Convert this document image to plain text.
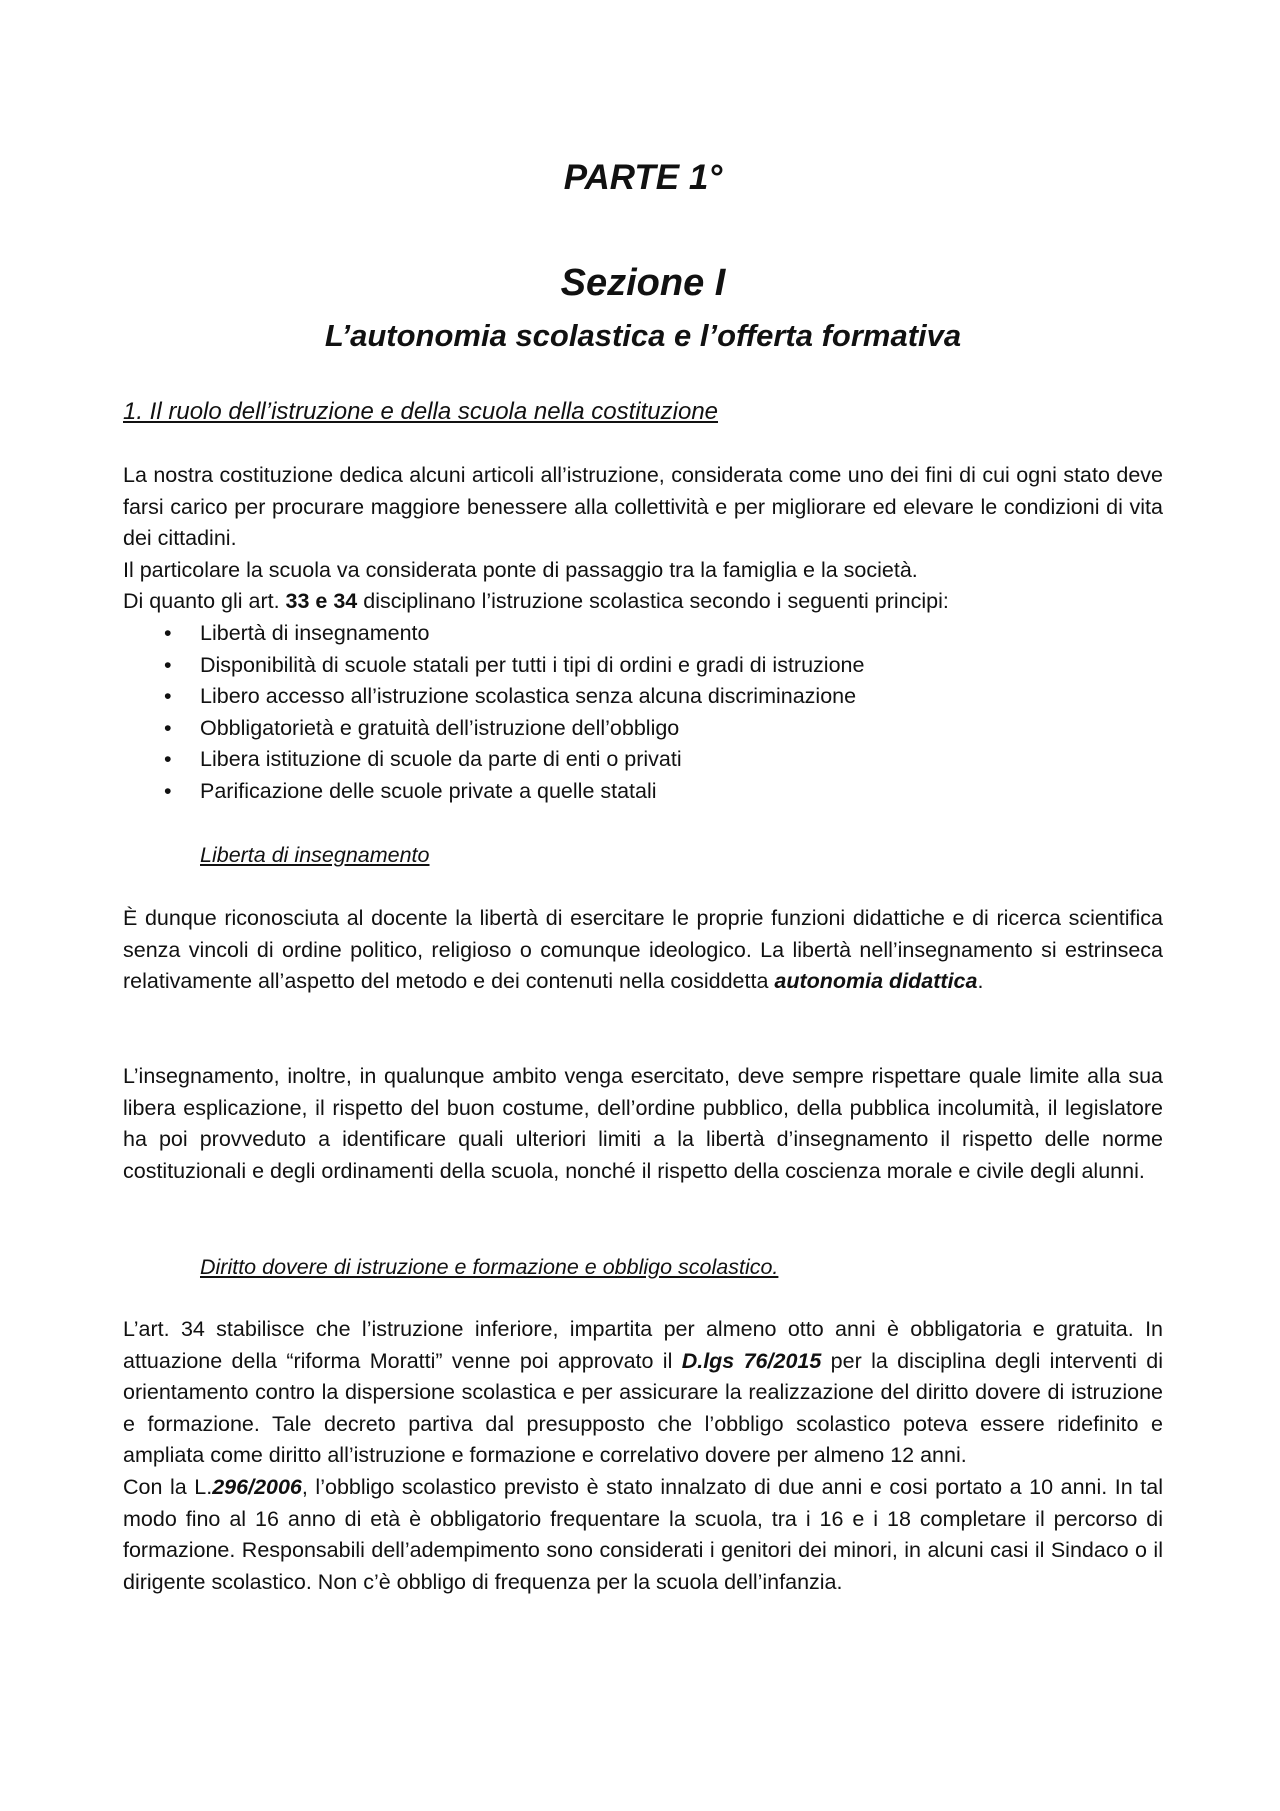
PARTE 1°
Sezione I
L’autonomia scolastica e l’offerta formativa
1. Il ruolo dell’istruzione e della scuola nella costituzione

La nostra costituzione dedica alcuni articoli all’istruzione, considerata come uno dei fini di cui ogni stato deve farsi carico per procurare maggiore benessere alla collettività e per migliorare ed elevare le condizioni di vita dei cittadini.

Il particolare la scuola va considerata ponte di passaggio tra la famiglia e la società.

Di quanto gli art. 33 e 34 disciplinano l’istruzione scolastica secondo i seguenti principi:

• Libertà di insegnamento
• Disponibilità di scuole statali per tutti i tipi di ordini e gradi di istruzione
• Libero accesso all’istruzione scolastica senza alcuna discriminazione
• Obbligatorietà e gratuità dell’istruzione dell’obbligo
• Libera istituzione di scuole da parte di enti o privati
• Parificazione delle scuole private a quelle statali
Liberta di insegnamento

È dunque riconosciuta al docente la libertà di esercitare le proprie funzioni didattiche e di ricerca scientifica senza vincoli di ordine politico, religioso o comunque ideologico. La libertà nell’insegnamento si estrinseca relativamente all’aspetto del metodo e dei contenuti nella cosiddetta autonomia didattica.

L’insegnamento, inoltre, in qualunque ambito venga esercitato, deve sempre rispettare quale limite alla sua libera esplicazione, il rispetto del buon costume, dell’ordine pubblico, della pubblica incolumità, il legislatore ha poi provveduto a identificare quali ulteriori limiti a la libertà d’insegnamento il rispetto delle norme costituzionali e degli ordinamenti della scuola, nonché il rispetto della coscienza morale e civile degli alunni.

Diritto dovere di istruzione e formazione e obbligo scolastico.

L’art. 34 stabilisce che l’istruzione inferiore, impartita per almeno otto anni è obbligatoria e gratuita. In attuazione della “riforma Moratti” venne poi approvato il D.lgs 76/2015 per la disciplina degli interventi di orientamento contro la dispersione scolastica e per assicurare la realizzazione del diritto dovere di istruzione e formazione. Tale decreto partiva dal presupposto che l’obbligo scolastico poteva essere ridefinito e ampliata come diritto all’istruzione e formazione e correlativo dovere per almeno 12 anni.

Con la L.296/2006, l’obbligo scolastico previsto è stato innalzato di due anni e cosi portato a 10 anni. In tal modo fino al 16 anno di età è obbligatorio frequentare la scuola, tra i 16 e i 18 completare il percorso di formazione. Responsabili dell’adempimento sono considerati i genitori dei minori, in alcuni casi il Sindaco o il dirigente scolastico. Non c’è obbligo di frequenza per la scuola dell’infanzia.
